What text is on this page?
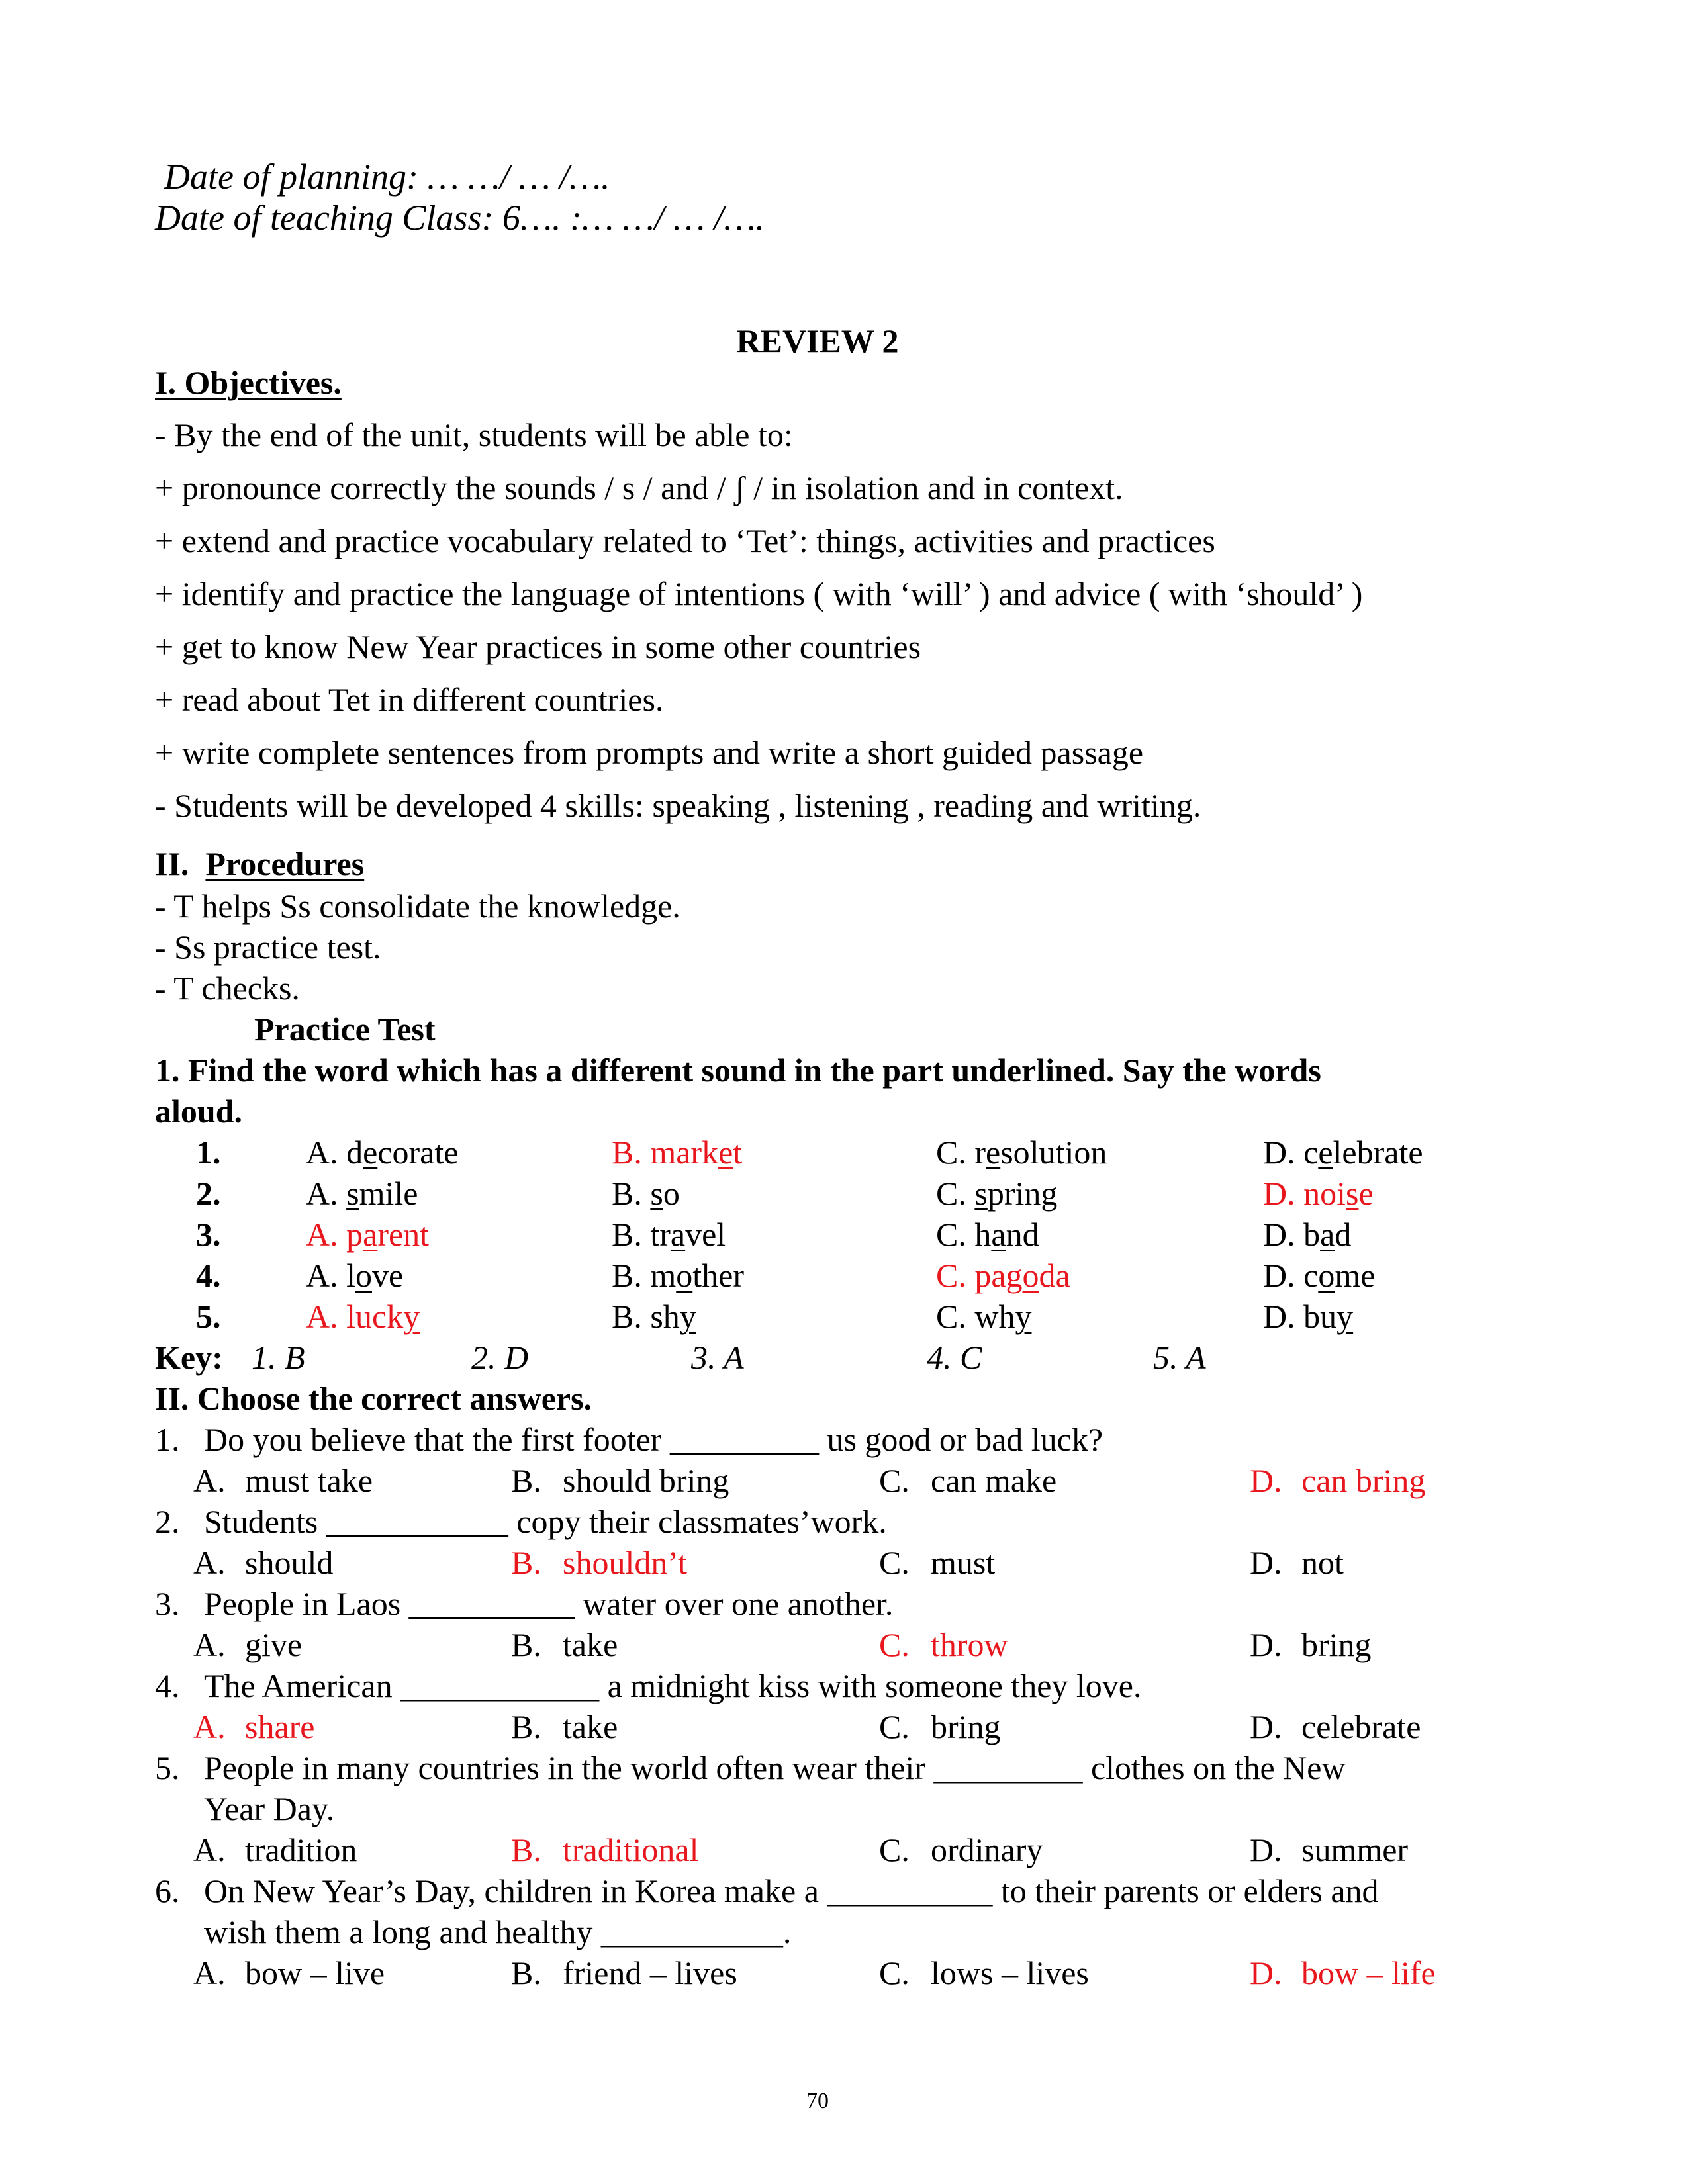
Date of planning: … …/ … /….
Date of teaching Class: 6…. :… …/ … /….
REVIEW 2
I. Objectives.
- By the end of the unit, students will be able to:
+ pronounce correctly the sounds / s / and / ʃ / in isolation and in context.
+ extend and practice vocabulary related to ‘Tet’: things, activities and practices
+ identify and practice the language of intentions ( with ‘will’ ) and advice ( with ‘should’ )
+ get to know New Year practices in some other countries
+ read about Tet in different countries.
+ write complete sentences from prompts and write a short guided passage
- Students will be developed 4 skills: speaking , listening , reading and writing.
II. Procedures
- T helps Ss consolidate the knowledge.
- Ss practice test.
- T checks.
Practice Test
1. Find the word which has a different sound in the part underlined. Say the words
aloud.
1.	A. decorate	B. market	C. resolution	D. celebrate
2.	A. smile	B. so	C. spring	D. noise
3.	A. parent	B. travel	C. hand	D. bad
4.	A. love	B. mother	C. pagoda	D. come
5.	A. lucky	B. shy	C. why	D. buy
Key: 1. B	2. D	3. A	4. C	5. A
II. Choose the correct answers.
1. Do you believe that the first footer _________ us good or bad luck?
A. must take	B. should bring	C. can make	D. can bring
2. Students ___________ copy their classmates’work.
A. should	B. shouldn’t	C. must	D. not
3. People in Laos __________ water over one another.
A. give	B. take	C. throw	D. bring
4. The American ____________ a midnight kiss with someone they love.
A. share	B. take	C. bring	D. celebrate
5. People in many countries in the world often wear their _________ clothes on the New
Year Day.
A. tradition	B. traditional	C. ordinary	D. summer
6. On New Year’s Day, children in Korea make a __________ to their parents or elders and
wish them a long and healthy ___________.
A. bow – live	B. friend – lives	C. lows – lives	D. bow – life
70
